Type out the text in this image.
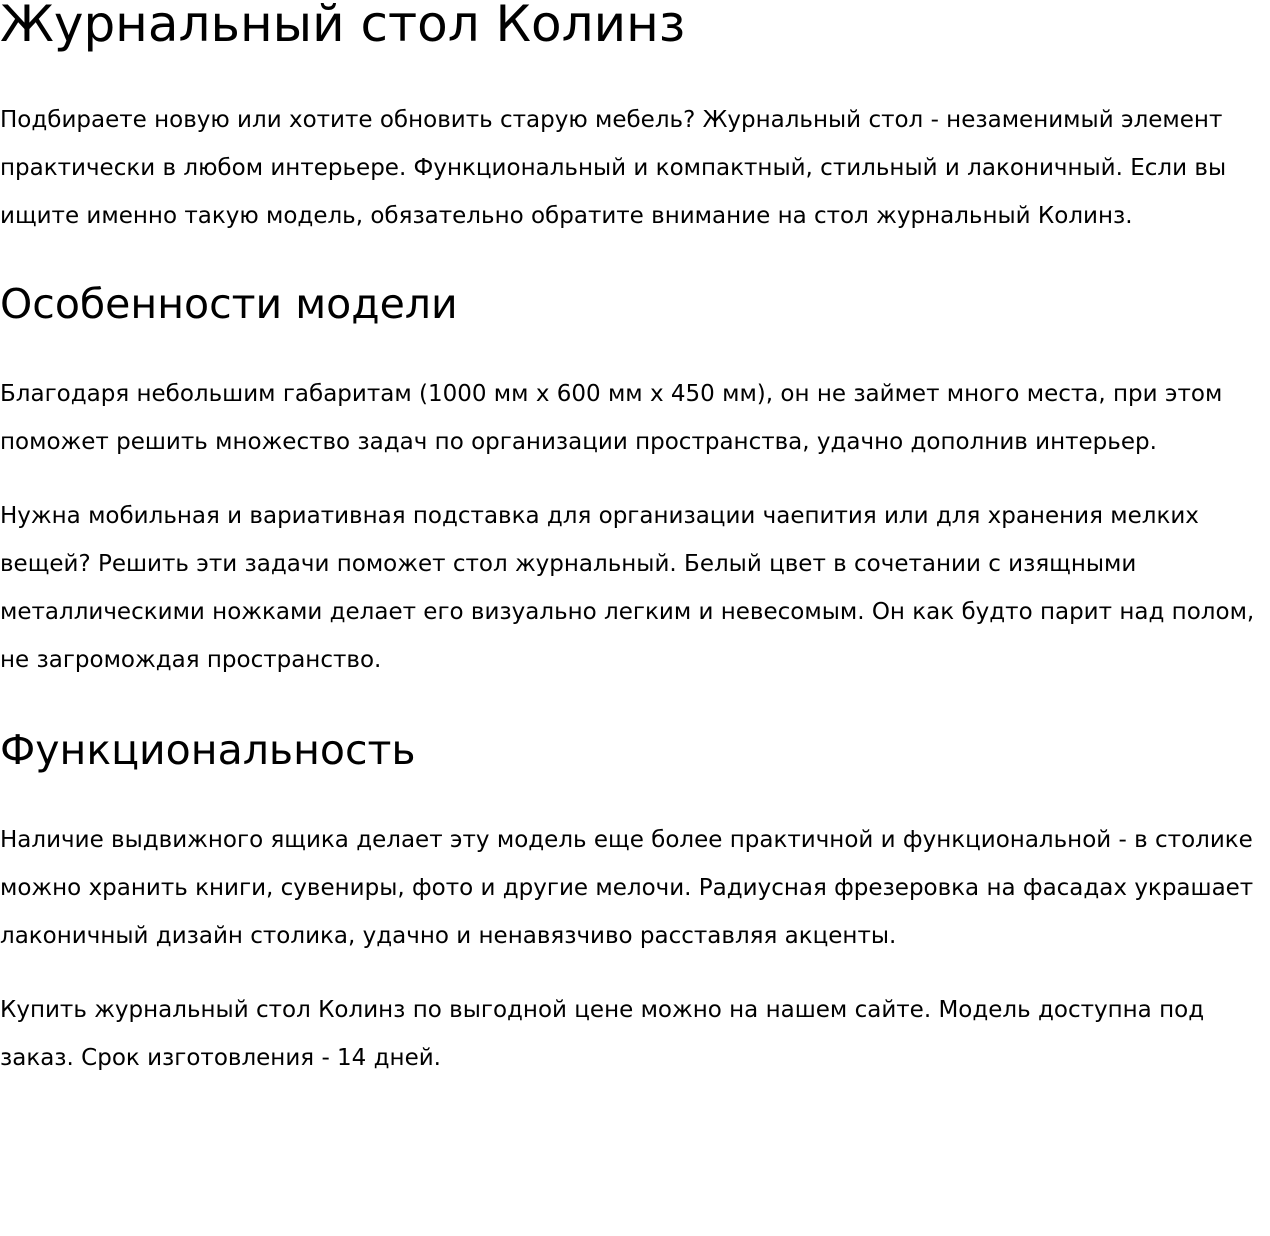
Журнальный стол Колинз

Подбираете новую или хотите обновить старую мебель? Журнальный стол - незаменимый элемент практически в любом интерьере. Функциональный и компактный, стильный и лаконичный. Если вы ищите именно такую модель, обязательно обратите внимание на стол журнальный Колинз.

Особенности модели

Благодаря небольшим габаритам (1000 мм х 600 мм х 450 мм), он не займет много места, при этом поможет решить множество задач по организации пространства, удачно дополнив интерьер.

Нужна мобильная и вариативная подставка для организации чаепития или для хранения мелких вещей? Решить эти задачи поможет стол журнальный. Белый цвет в сочетании с изящными металлическими ножками делает его визуально легким и невесомым. Он как будто парит над полом, не загромождая пространство.

Функциональность

Наличие выдвижного ящика делает эту модель еще более практичной и функциональной - в столике можно хранить книги, сувениры, фото и другие мелочи. Радиусная фрезеровка на фасадах украшает лаконичный дизайн столика, удачно и ненавязчиво расставляя акценты.

Купить журнальный стол Колинз по выгодной цене можно на нашем сайте. Модель доступна под заказ. Срок изготовления - 14 дней.
